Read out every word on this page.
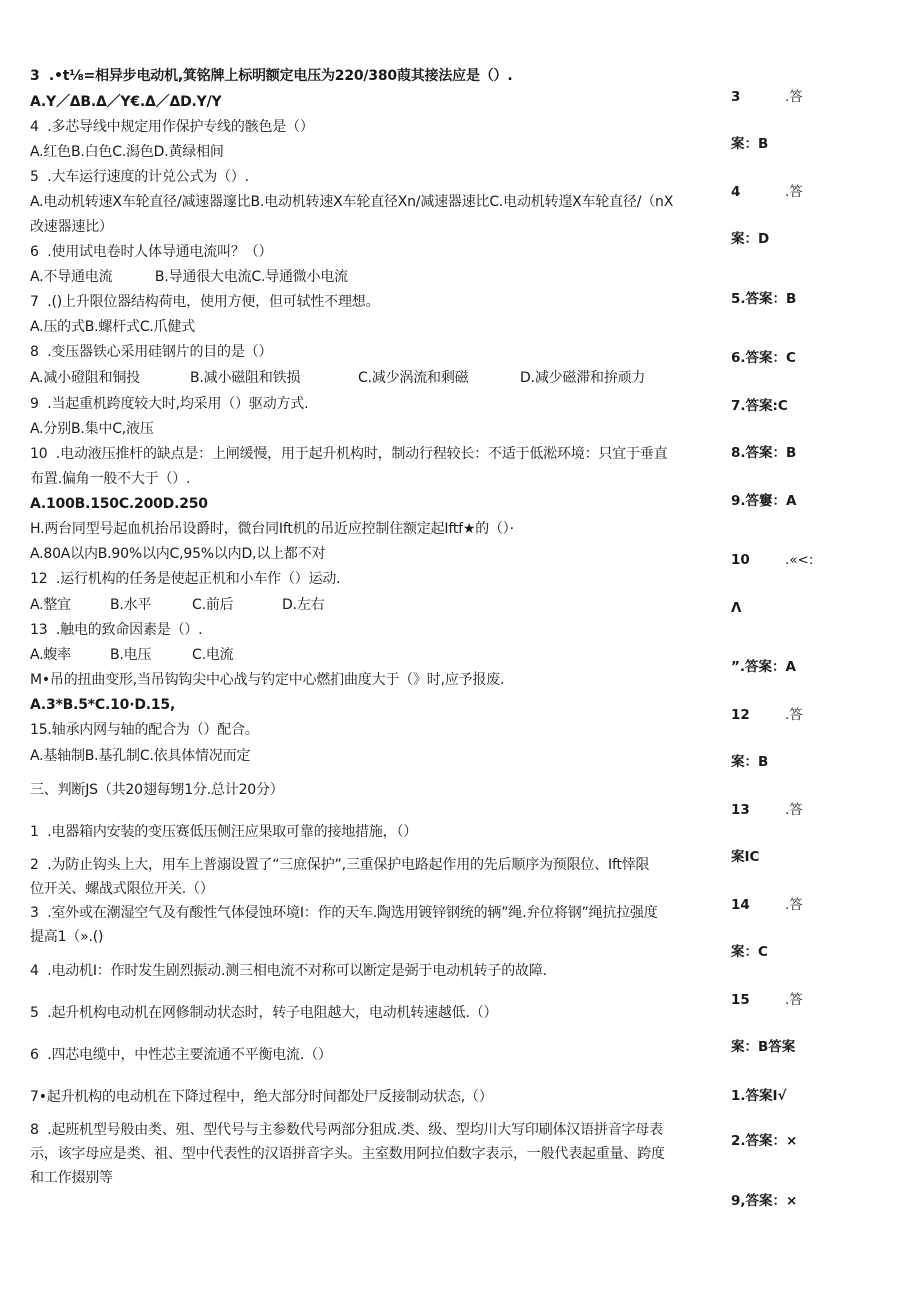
3  .•t⅛=相异步电动机,箕铭牌上标明额定电压为220/380葭其接法应是（）.
A.Y／ΔB.Δ／Y€.Δ／ΔD.Y/Y
4  .多芯导线中规定用作保护专线的骸色是（）
A.红色B.白色C.潟色D.黄绿相间
5  .大车运行速度的计兑公式为（）.
A.电动机转速X车轮直径/减速器邃比B.电动机转速X车轮直径Xn/减速器速比C.电动机转遑X车轮直径/（nX
改速器速比）
6  .使用试电卷时人体导通电流叫？（）
A.不导通电流          B.导通很大电流C.导通微小电流
7  .()上升限位器结构荷电，使用方便，但可轼性不理想。
A.压的式B.螺杆式C.爪健式
8  .变压器铁心采用硅钢片的目的是（）
A.减小磴阻和铜投	B.减小磁阻和铁损	C.减少涡流和剩磁	D.减少磁滞和拚顽力
9  .当起重机跨度较大时,均采用（）驱动方式.
A.分别B.集中C,液压
10  .电动液压推杆的缺点是：上闸缓慢，用于起升机构时，制动行程较长：不适于低淞环境：只宜于垂直
布置.偏角一般不大于（）.
A.100B.150C.200D.250
H.两台同型号起血机抬吊设爵时，微台同Ift机的吊近应控制住额定起Iftf★的（）·
A.80A以内B.90%以内C,95%以内D,以上都不对
12  .运行机构的任务是使起正机和小车作（）运动.
A.整宜	B.水平	C.前后	D.左右
13  .触电的致命因素是（）.
A.蝮率	B.电压	C.电流
M•吊的扭曲变形,当吊钩钩尖中心战与钓定中心燃扪曲度大于（》时,应予报废.
A.3*B.5*C.10·D.15,
15.轴承内网与轴的配合为（）配合。
A.基轴制B.基孔制C.依具体情况而定
三、判断JS（共20翅每甥1分.总计20分）
1  .电器箱内安装的变压赛低压侧汪应果取可靠的接地措施，（）
2  .为防止钩头上大，用车上普溺设置了“三庶保护”,三重保护电路起作用的先后顺序为预限位、Ift悻限
位开关、螺战式限位开关.（）
3  .室外或在潮湿空气及有酸性气体侵蚀环境I：作的天车.陶选用镀锌钢统的辆”绳.弁位将钢”绳抗拉强度
提高1（».()
4  .电动机I：作时发生剧烈振动.测三相电流不对称可以断定是弼于电动机转子的故障.
5  .起升机构电动机在网修制动状态时，转子电阻越大，电动机转速越低.（）
6  .四芯电缆中，中性芯主要流通不平衡电流.（）
7•起升机构的电动机在下降过程中，绝大部分时间都处尸反接制动状态,（）
8  .起班机型号般由类、殂、型代号与主参数代号两部分狙成.类、级、型均川大写印刷体汉语拼音字母表
示，该字母应是类、祖、型中代表性的汉语拼音字头。主室数用阿拉伯数字表示，一般代表起重量、跨度
和工作掇别等
3	.答
案：B
4	.答
案：D
5.答案：B
6.答案：C
7.答案:C
8.答案：B
9.答窶：A
10	.«<:
Λ
”.答案：A
12	.答
案：B
13	.答
案IC
14	.答
案：C
15	.答
案：B答案
1.答案I√
2.答案：×
9,答案：×
